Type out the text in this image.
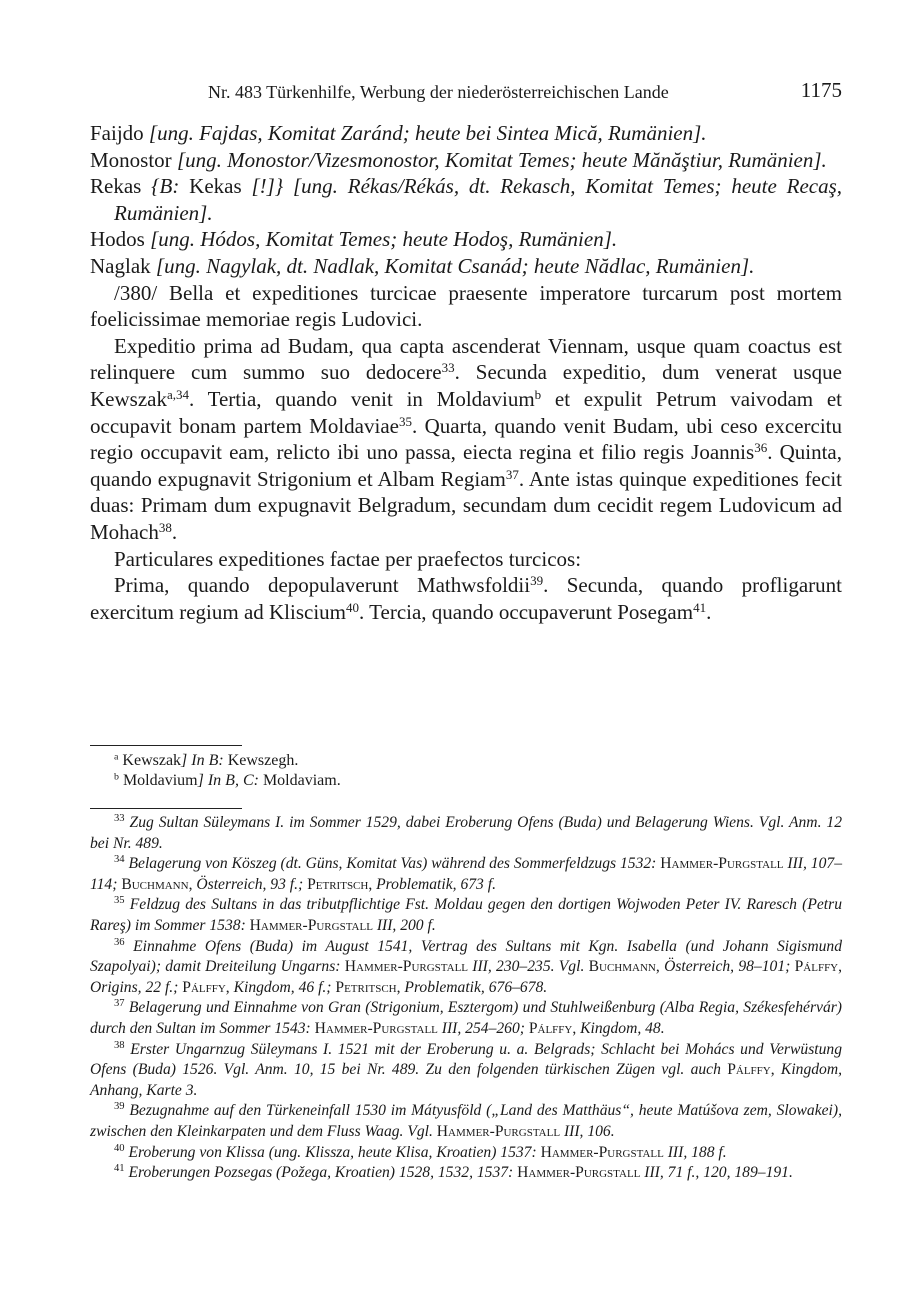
Nr. 483 Türkenhilfe, Werbung der niederösterreichischen Lande	1175

Faijdo [ung. Fajdas, Komitat Zaránd; heute bei Sintea Mică, Rumänien].

Monostor [ung. Monostor/Vizesmonostor, Komitat Temes; heute Mănăştiur, Rumänien].

Rekas {B: Kekas [!]} [ung. Rékas/Rékás, dt. Rekasch, Komitat Temes; heute Recaş, Rumänien].

Hodos [ung. Hódos, Komitat Temes; heute Hodoş, Rumänien].

Naglak [ung. Nagylak, dt. Nadlak, Komitat Csanád; heute Nădlac, Rumänien].

/380/ Bella et expeditiones turcicae praesente imperatore turcarum post mortem foelicissimae memoriae regis Ludovici.

Expeditio prima ad Budam, qua capta ascenderat Viennam, usque quam coactus est relinquere cum summo suo dedocere$^{33}$. Secunda expeditio, dum venerat usque Kewszak$^{a,34}$. Tertia, quando venit in Moldavium$^b$ et expulit Petrum vaivodam et occupavit bonam partem Moldaviae$^{35}$. Quarta, quando venit Budam, ubi ceso excercitu regio occupavit eam, relicto ibi uno passa, eiecta regina et filio regis Joannis$^{36}$. Quinta, quando expugnavit Strigonium et Albam Regiam$^{37}$. Ante istas quinque expeditiones fecit duas: Primam dum expugnavit Belgradum, secundam dum cecidit regem Ludovicum ad Mohach$^{38}$.

Particulares expeditiones factae per praefectos turcicos:

Prima, quando depopulaverunt Mathwsfoldii$^{39}$. Secunda, quando profligarunt exercitum regium ad Kliscium$^{40}$. Tercia, quando occupaverunt Posegam$^{41}$.

$^a$ Kewszak] In B: Kewszegh.

$^b$ Moldavium] In B, C: Moldaviam.

$^{33}$ Zug Sultan Süleymans I. im Sommer 1529, dabei Eroberung Ofens (Buda) und Belagerung Wiens. Vgl. Anm. 12 bei Nr. 489.

$^{34}$ Belagerung von Köszeg (dt. Güns, Komitat Vas) während des Sommerfeldzugs 1532: Hammer-Purgstall III, 107–114; Buchmann, Österreich, 93 f.; Petritsch, Problematik, 673 f.

$^{35}$ Feldzug des Sultans in das tributpflichtige Fst. Moldau gegen den dortigen Wojwoden Peter IV. Raresch (Petru Rareş) im Sommer 1538: Hammer-Purgstall III, 200 f.

$^{36}$ Einnahme Ofens (Buda) im August 1541, Vertrag des Sultans mit Kgn. Isabella (und Johann Sigismund Szapolyai); damit Dreiteilung Ungarns: Hammer-Purgstall III, 230–235. Vgl. Buchmann, Österreich, 98–101; Pálffy, Origins, 22 f.; Pálffy, Kingdom, 46 f.; Petritsch, Problematik, 676–678.

$^{37}$ Belagerung und Einnahme von Gran (Strigonium, Esztergom) und Stuhlweißenburg (Alba Regia, Székesfehérvár) durch den Sultan im Sommer 1543: Hammer-Purgstall III, 254–260; Pálffy, Kingdom, 48.

$^{38}$ Erster Ungarnzug Süleymans I. 1521 mit der Eroberung u. a. Belgrads; Schlacht bei Mohács und Verwüstung Ofens (Buda) 1526. Vgl. Anm. 10, 15 bei Nr. 489. Zu den folgenden türkischen Zügen vgl. auch Pálffy, Kingdom, Anhang, Karte 3.

$^{39}$ Bezugnahme auf den Türkeneinfall 1530 im Mátyusföld („Land des Matthäus“, heute Matúšova zem, Slowakei), zwischen den Kleinkarpaten und dem Fluss Waag. Vgl. Hammer-Purgstall III, 106.

$^{40}$ Eroberung von Klissa (ung. Klissza, heute Klisa, Kroatien) 1537: Hammer-Purgstall III, 188 f.

$^{41}$ Eroberungen Pozsegas (Požega, Kroatien) 1528, 1532, 1537: Hammer-Purgstall III, 71 f., 120, 189–191.
